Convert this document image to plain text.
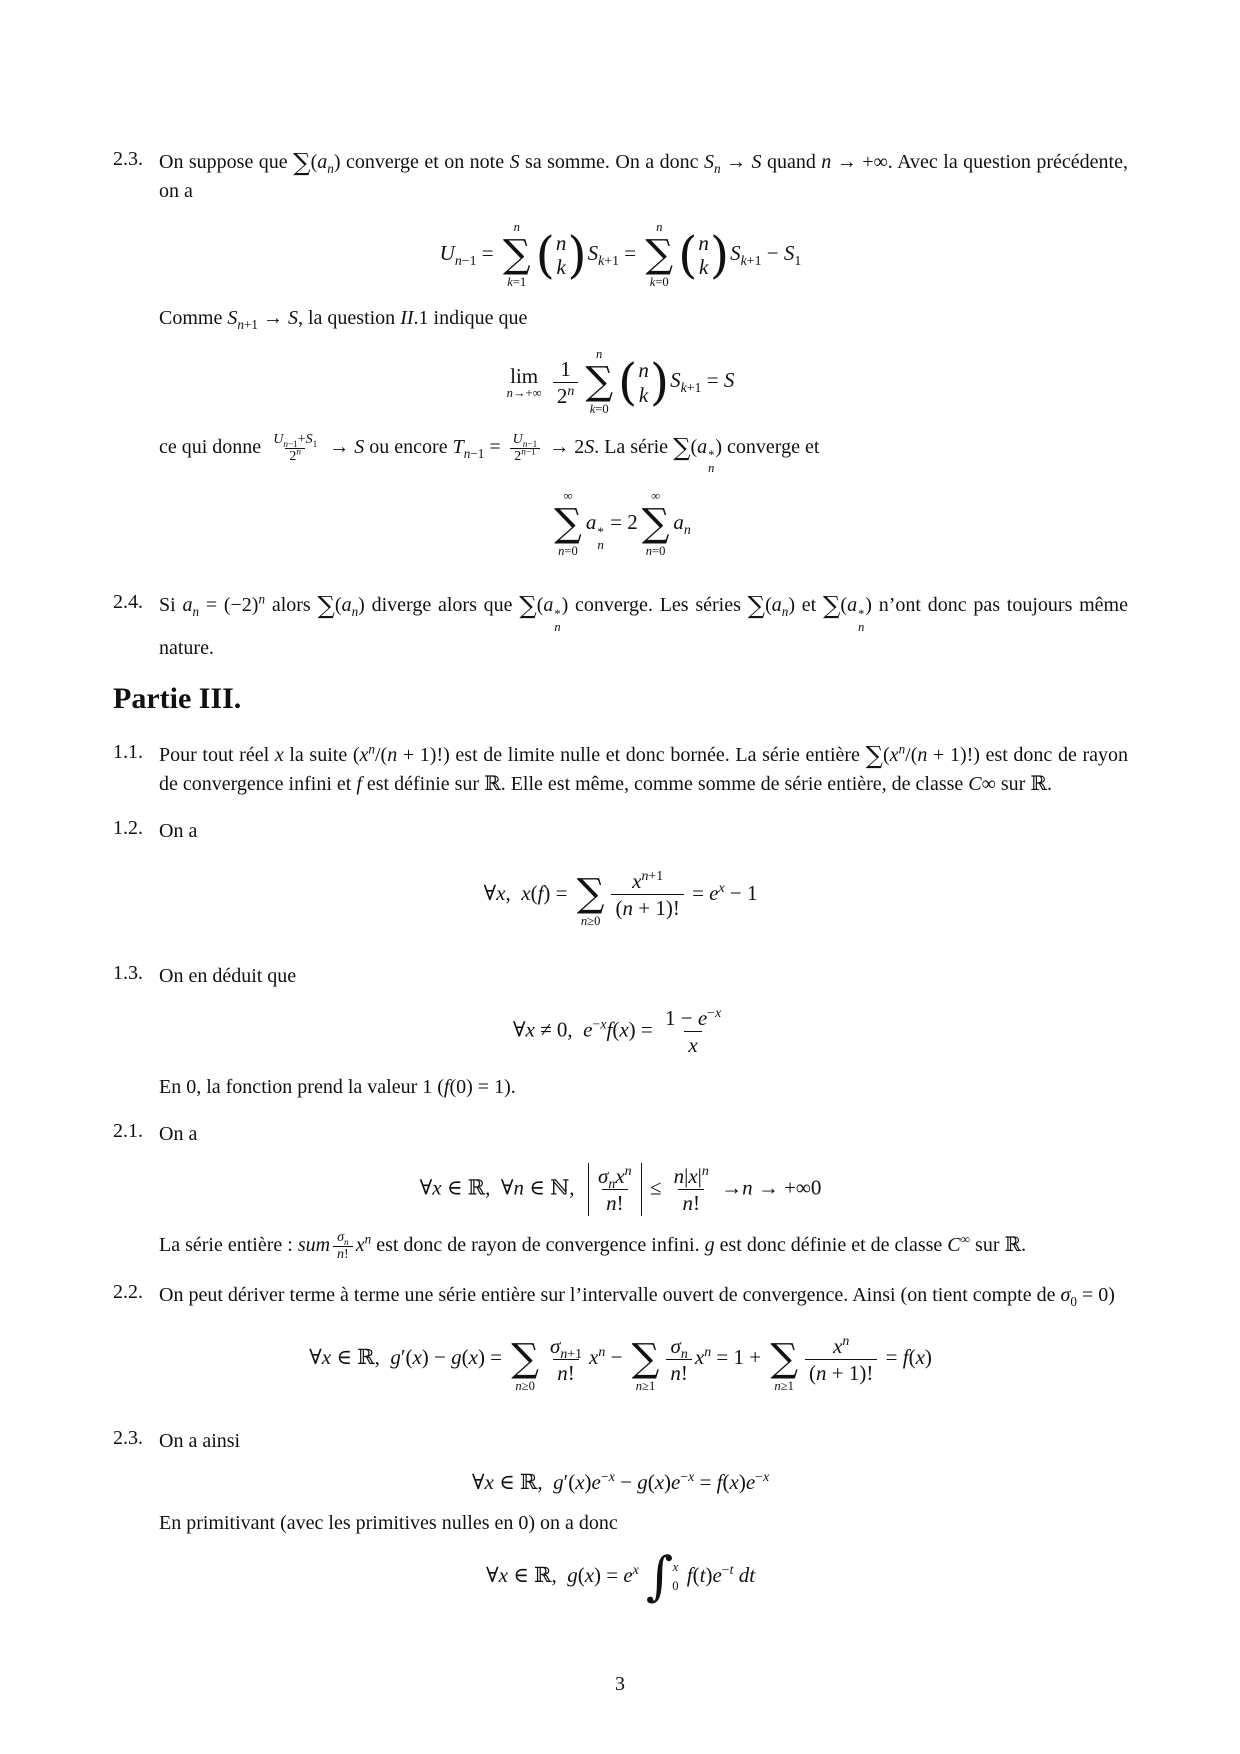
2.3. On suppose que $\sum(a_n)$ converge et on note S sa somme. On a donc $S_n \to S$ quand n → +∞. Avec la question précédente, on a

$U_{n-1}$ =
n
∑
k=1 ( n
k ) $S_{k+1}$ =
n
∑
k=0 ( n
k ) $S_{k+1} - S_1$

Comme $S_{n+1} \to S$, la question II.1 indique que

lim
n→+∞
$\frac{1}{2^n}$
n
∑
k=0 ( n
k ) $S_{k+1} = S$

ce qui donne $\frac{U_{n-1}+S_1}{2^n} \to S$ ou encore $T_{n-1} = \frac{U_{n-1}}{2^{n-1}} \to 2S$. La série ∑(a *
n
) converge et

∞
∑
n=0
a *
n
= 2
∞
∑
n=0
$a_n$
2.4. Si $a_n = (-2)^n$ alors $\sum(a_n)$ diverge alors que ∑(a *
n
) converge. Les séries $\sum(a_n)$ et ∑(a *
n
) n’ont donc pas toujours même nature.

Partie III.
1.1. Pour tout réel x la suite $(x^n/(n + 1)!)$ est de limite nulle et donc bornée. La série entière $\sum(x^n/(n + 1)!)$ est donc de rayon de convergence infini et f est définie sur ℝ. Elle est même, comme somme de série entière, de classe C∞ sur ℝ.

1.2. On a

∀x,  x(f) =
∑
$n\ge 0 \frac{x^{n+1}}{(n + 1)!} = e^x - 1$
1.3. On en déduit que

∀x ≠ 0,  $e^{-x}f(x) = \frac{1 - e^{-x}}{x}$

En 0, la fonction prend la valeur 1 (f(0) = 1).

2.1. On a

∀x ∈ ℝ,  ∀n ∈ ℕ, $\frac{\sigma_nx^n}{n!} \le \frac{n|x|^n}{n!} \to n \to +\infty 0$

La série entière : sum $\frac{\sigma_n}{n!} x^n$ est donc de rayon de convergence infini. g est donc définie et de classe C∞ sur ℝ.

2.2. On peut dériver terme à terme une série entière sur l’intervalle ouvert de convergence. Ainsi (on tient compte de $\sigma_0 = 0$)

∀x ∈ ℝ,  g′(x) − g(x) =
∑
$n\ge 0 \frac{\sigma_{n+1}}{n!} x^n$ −
∑
$n\ge 1 \frac{\sigma_n}{n!} x^n = 1$ +
∑
$n\ge 1 \frac{x^n}{(n + 1)!} = f(x)$
2.3. On a ainsi

∀x ∈ ℝ,  $g'(x)e^{-x} - g(x)e^{-x} = f(x)e^{-x}$

En primitivant (avec les primitives nulles en 0) on a donc

∀x ∈ ℝ,  $g(x) = e^x$ ∫ x
0 $f(t)e^{-t}$ dt
3
